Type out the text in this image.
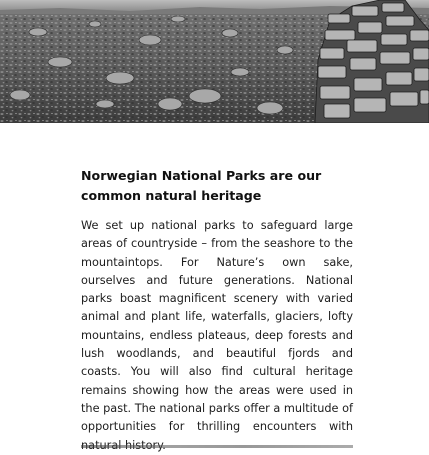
Norwegian National Parks are our common natural heritage

We set up national parks to safeguard large areas of countryside – from the seashore to the mountaintops. For Nature’s own sake, ourselves and future generations. National parks boast magnificent scenery with varied animal and plant life, waterfalls, glaciers, lofty mountains, endless plateaus, deep forests and lush woodlands, and beautiful fjords and coasts. You will also find cultural heritage remains showing how the areas were used in the past. The national parks offer a multitude of opportunities for thrilling encounters with
